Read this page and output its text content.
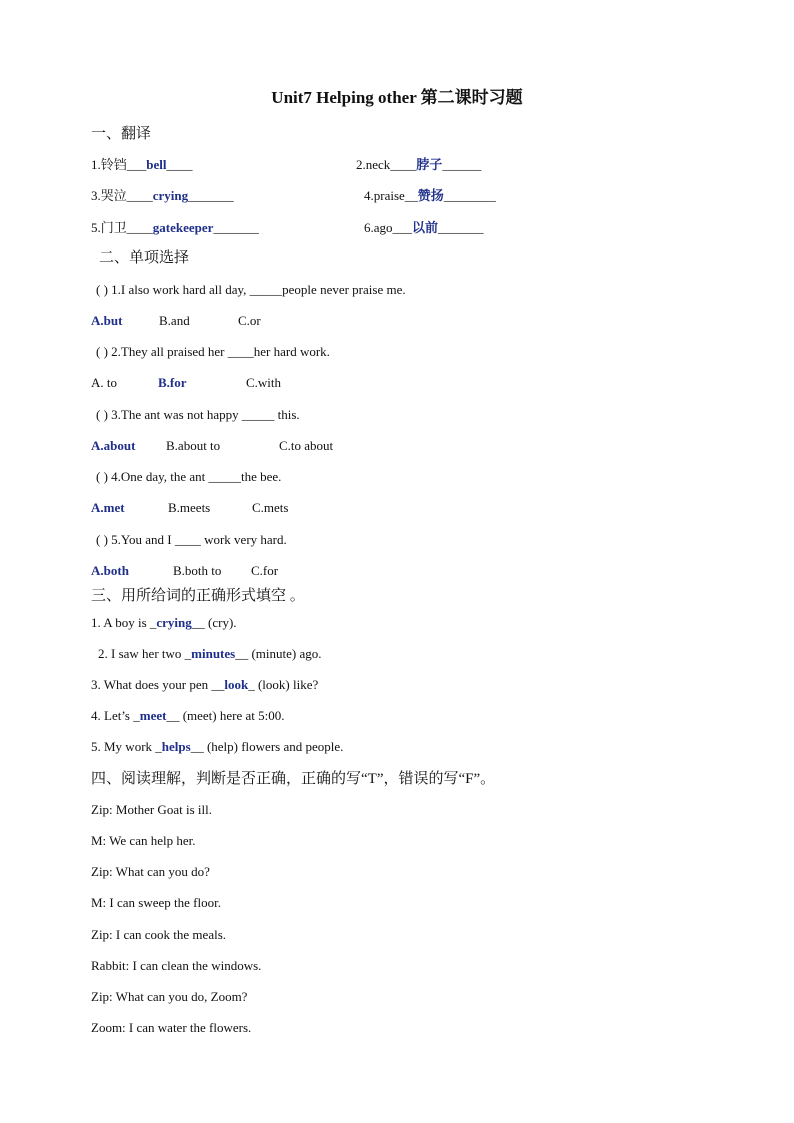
Unit7 Helping other 第二课时习题
一、翻译
1.铃铛___bell____	2.neck____脖子______
3.哭泣____crying_______	4.praise__赞扬________
5.门卫____gatekeeper_______	6.ago___以前_______
二、单项选择
( ) 1.I also work hard all day, _____people never praise me.
A.but	B.and	C.or
( ) 2.They all praised her ____her hard work.
A. to	B.for	C.with
( ) 3.The ant was not happy _____ this.
A.about B.about to	C.to about
( ) 4.One day, the ant _____the bee.
A.met	B.meets	C.mets
( ) 5.You and I ____ work very hard.
A.both	B.both to C.for
三、用所给词的正确形式填空 。
1. A boy is _crying__ (cry).
2. I saw her two _minutes__ (minute) ago.
3. What does your pen __look_ (look) like?
4. Let’s _meet__ (meet) here at 5:00.
5. My work _helps__ (help) flowers and people.
四、阅读理解，判断是否正确，正确的写“T”，错误的写“F”。
Zip: Mother Goat is ill.
M: We can help her.
Zip: What can you do?
M: I can sweep the floor.
Zip: I can cook the meals.
Rabbit: I can clean the windows.
Zip: What can you do, Zoom?
Zoom: I can water the flowers.
